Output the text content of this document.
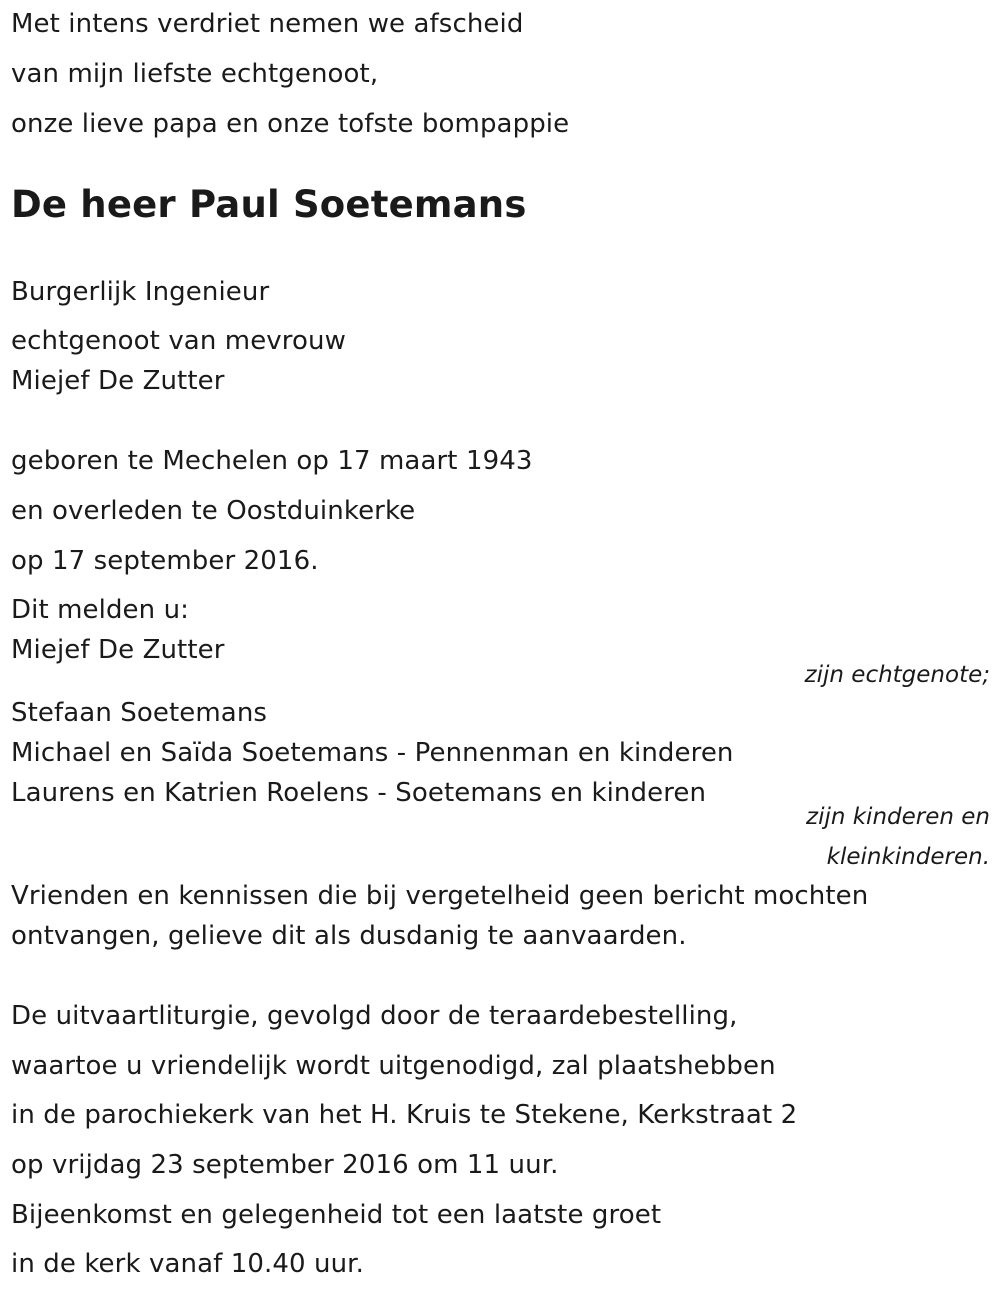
Met intens verdriet nemen we afscheid
van mijn liefste echtgenoot,
onze lieve papa en onze tofste bompappie
De heer Paul Soetemans
Burgerlijk Ingenieur
echtgenoot van mevrouw
Miejef De Zutter
geboren te Mechelen op 17 maart 1943
en overleden te Oostduinkerke
op 17 september 2016.
Dit melden u:
Miejef De Zutter
zijn echtgenote;
Stefaan Soetemans
Michael en Saïda Soetemans - Pennenman en kinderen
Laurens en Katrien Roelens - Soetemans en kinderen
zijn kinderen en
kleinkinderen.
Vrienden en kennissen die bij vergetelheid geen bericht mochten
ontvangen, gelieve dit als dusdanig te aanvaarden.
De uitvaartliturgie, gevolgd door de teraardebestelling,
waartoe u vriendelijk wordt uitgenodigd, zal plaatshebben
in de parochiekerk van het H. Kruis te Stekene, Kerkstraat 2
op vrijdag 23 september 2016 om 11 uur.
Bijeenkomst en gelegenheid tot een laatste groet
in de kerk vanaf 10.40 uur.
